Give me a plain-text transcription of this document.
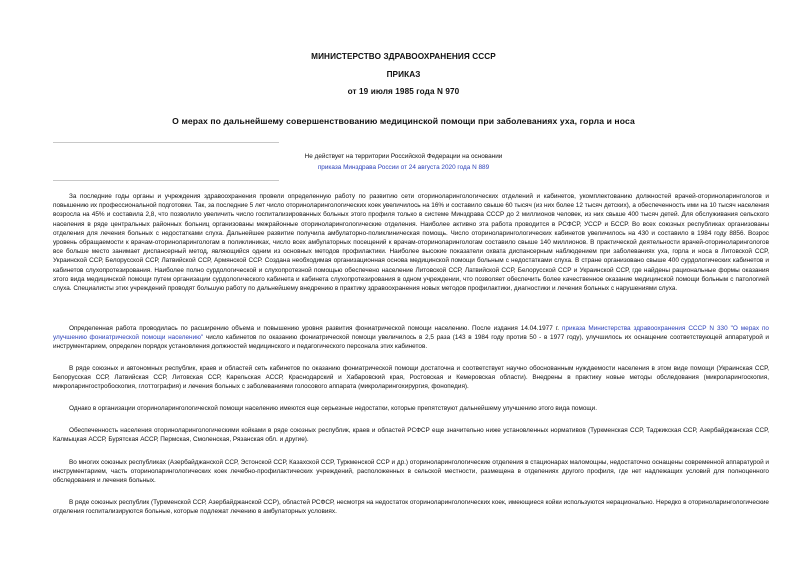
МИНИСТЕРСТВО ЗДРАВООХРАНЕНИЯ СССР
ПРИКАЗ
от 19 июля 1985 года N 970
О мерах по дальнейшему совершенствованию медицинской помощи при заболеваниях уха, горла и носа
Не действует на территории Российской Федерации на основании
приказа Минздрава России от 24 августа 2020 года N 889

За последние годы органы и учреждения здравоохранения провели определенную работу по развитию сети оториноларингологических отделений и кабинетов, укомплектованию должностей врачей-оториноларингологов и повышению их профессиональной подготовки. Так, за последние 5 лет число оториноларингологических коек увеличилось на 16% и составило свыше 60 тысяч (из них более 12 тысяч детских), а обеспеченность ими на 10 тысяч населения возросла на 45% и составила 2,8, что позволило увеличить число госпитализированных больных этого профиля только в системе Минздрава СССР до 2 миллионов человек, из них свыше 400 тысяч детей. Для обслуживания сельского населения в ряде центральных районных больниц организованы межрайонные оториноларингологические отделения. Наиболее активно эта работа проводится в РСФСР, УССР и БССР. Во всех союзных республиках организованы отделения для лечения больных с недостатками слуха. Дальнейшее развитие получила амбулаторно-поликлиническая помощь. Число оториноларингологических кабинетов увеличилось на 430 и составило в 1984 году 8856. Возрос уровень обращаемости к врачам-оториноларингологам в поликлиниках, число всех амбулаторных посещений к врачам-оториноларингологам составило свыше 140 миллионов. В практической деятельности врачей-оториноларингологов все больше место занимает диспансерный метод, являющийся одним из основных методов профилактики. Наиболее высокие показатели охвата диспансерным наблюдением при заболеваниях уха, горла и носа в Литовской ССР, Украинской ССР, Белорусской ССР, Латвийской ССР, Армянской ССР. Создана необходимая организационная основа медицинской помощи больным с недостатками слуха. В стране организовано свыше 400 сурдологических кабинетов и кабинетов слухопротезирования. Наиболее полно сурдологической и слухопротезной помощью обеспечено население Литовской ССР, Латвийской ССР, Белорусской ССР и Украинской ССР, где найдены рациональные формы оказания этого вида медицинской помощи путем организации сурдологического кабинета и кабинета слухопротезирования в одном учреждении, что позволяет обеспечить более качественное оказание медицинской помощи больным с патологией слуха. Специалисты этих учреждений проводят большую работу по дальнейшему внедрению в практику здравоохранения новых методов профилактики, диагностики и лечения больных с нарушениями слуха.

Определенная работа проводилась по расширению объема и повышению уровня развития фониатрической помощи населению. После издания 14.04.1977 г. приказа Министерства здравоохранения СССР N 330 "О мерах по улучшению фониатрической помощи населению" число кабинетов по оказанию фониатрической помощи увеличилось в 2,5 раза (143 в 1984 году против 50 - в 1977 году), улучшилось их оснащение соответствующей аппаратурой и инструментарием, определен порядок установления должностей медицинского и педагогического персонала этих кабинетов.

В ряде союзных и автономных республик, краев и областей сеть кабинетов по оказанию фониатрической помощи достаточна и соответствует научно обоснованным нуждаемости населения в этом виде помощи (Украинская ССР, Белорусская ССР, Латвийская ССР, Литовская ССР, Карельская АССР, Краснодарский и Хабаровский края, Ростовская и Кемеровская области). Внедрены в практику новые методы обследования (микроларингоскопия, микроларингостробоскопия, глоттография) и лечения больных с заболеваниями голосового аппарата (микроларингохирургия, фонопедия).

Однако в организации оториноларингологической помощи населению имеются еще серьезные недостатки, которые препятствуют дальнейшему улучшению этого вида помощи.

Обеспеченность населения оториноларингологическими койками в ряде союзных республик, краев и областей РСФСР еще значительно ниже установленных нормативов (Туркменская ССР, Таджикская ССР, Азербайджанская ССР, Калмыцкая АССР, Бурятская АССР, Пермская, Смоленская, Рязанская обл. и другие).

Во многих союзных республиках (Азербайджанской ССР, Эстонской ССР, Казахской ССР, Туркменской ССР и др.) оториноларингологические отделения в стационарах маломощны, недостаточно оснащены современной аппаратурой и инструментарием, часть оториноларингологических коек лечебно-профилактических учреждений, расположенных в сельской местности, размещена в отделениях другого профиля, где нет надлежащих условий для полноценного обследования и лечения больных.

В ряде союзных республик (Туркменской ССР, Азербайджанской ССР), областей РСФСР, несмотря на недостаток оториноларингологических коек, имеющиеся койки используются нерационально. Нередко в оториноларингологические отделения госпитализируются больные, которые подлежат лечению в амбулаторных условиях.
